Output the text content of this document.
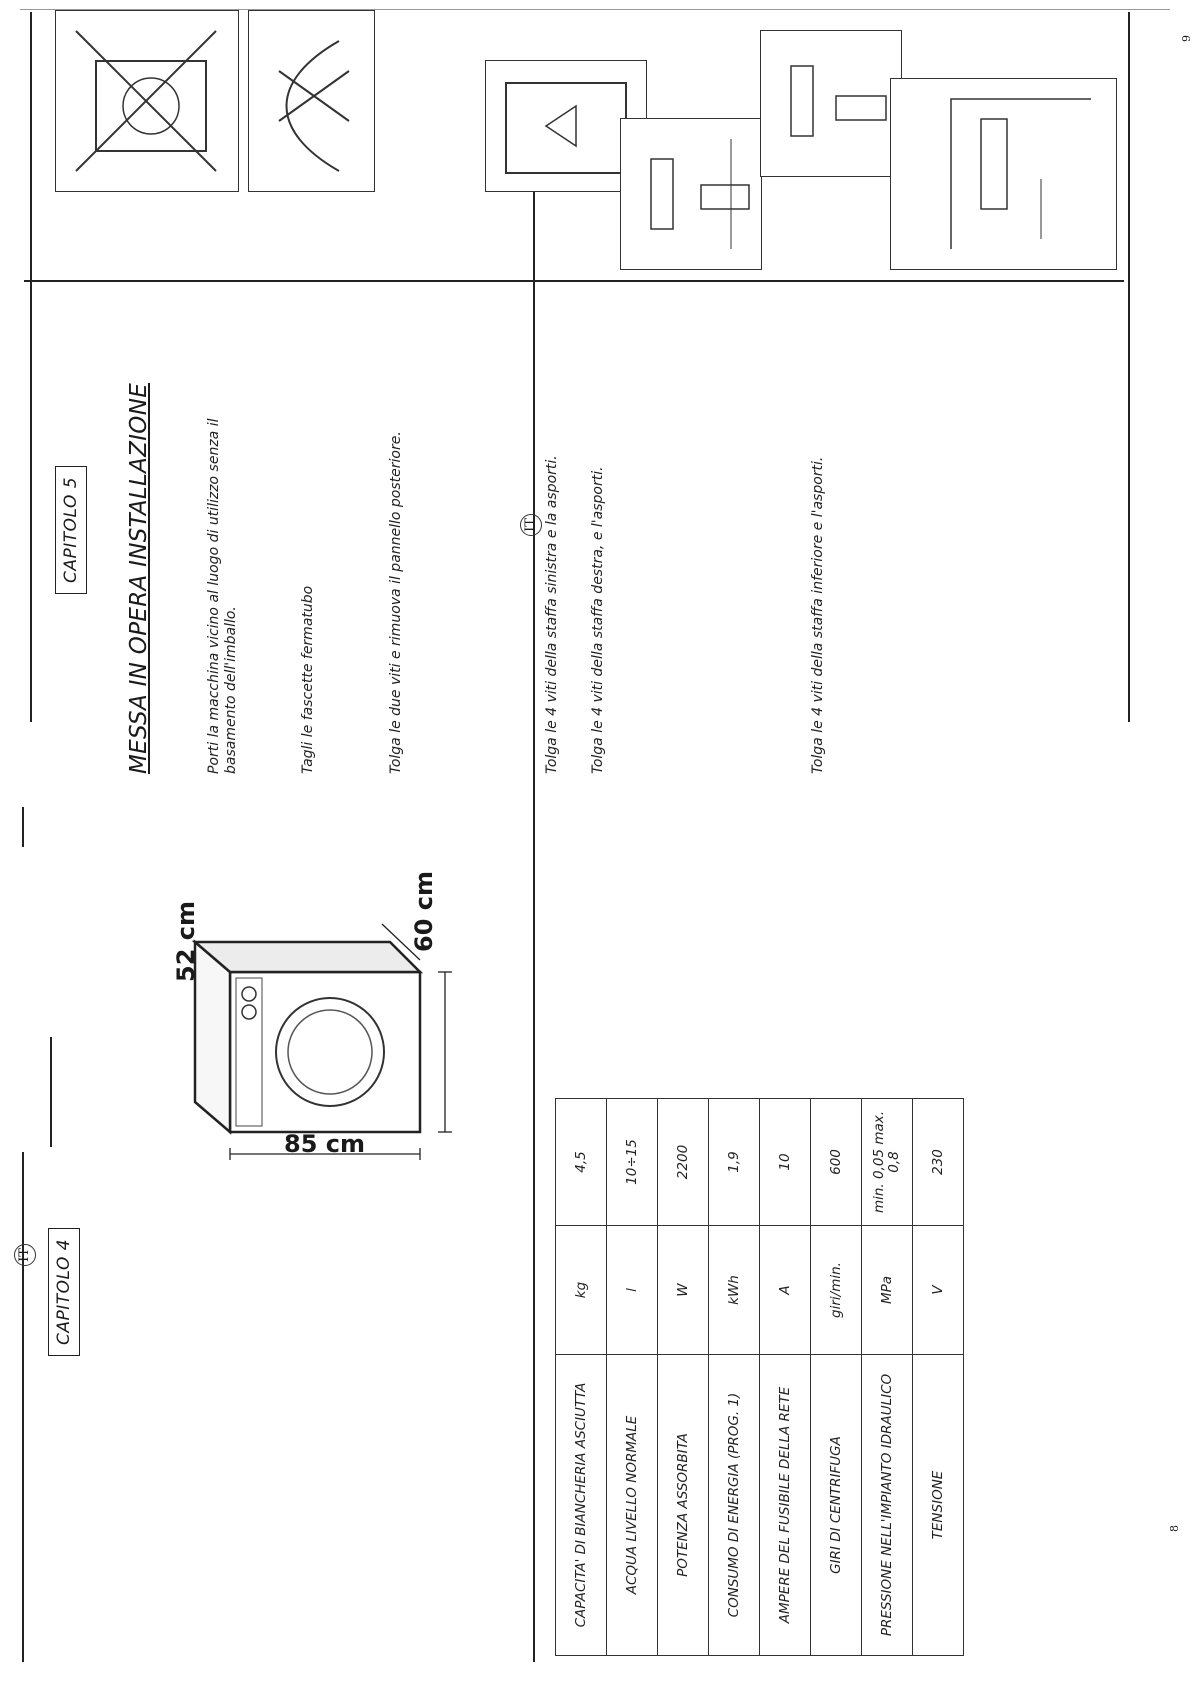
IT	CAPITOLO 4
85 cm
52 cm	60 cm
CAPACITA' DI BIANCHERIA ASCIUTTA	kg	4,5
ACQUA LIVELLO NORMALE	l	10÷15
POTENZA ASSORBITA	W	2200
CONSUMO DI ENERGIA (PROG. 1)	kWh	1,9
AMPERE DEL FUSIBILE DELLA RETE	A	10
GIRI DI CENTRIFUGA	giri/min.	600
PRESSIONE NELL'IMPIANTO IDRAULICO	MPa	min. 0,05 max. 0,8
TENSIONE	V	230
8
IT
CAPITOLO 5 MESSA IN OPERA INSTALLAZIONE	Porti la macchina vicino al luogo di utilizzo senza il basamento dell'imballo.	Tagli le fascette fermatubo	Tolga le due viti e rimuova il pannello posteriore.	Tolga le 4 viti della staffa sinistra e la asporti. Tolga le 4 viti della staffa destra, e l'asporti.	Tolga le 4 viti della staffa inferiore e l'asporti.
9
